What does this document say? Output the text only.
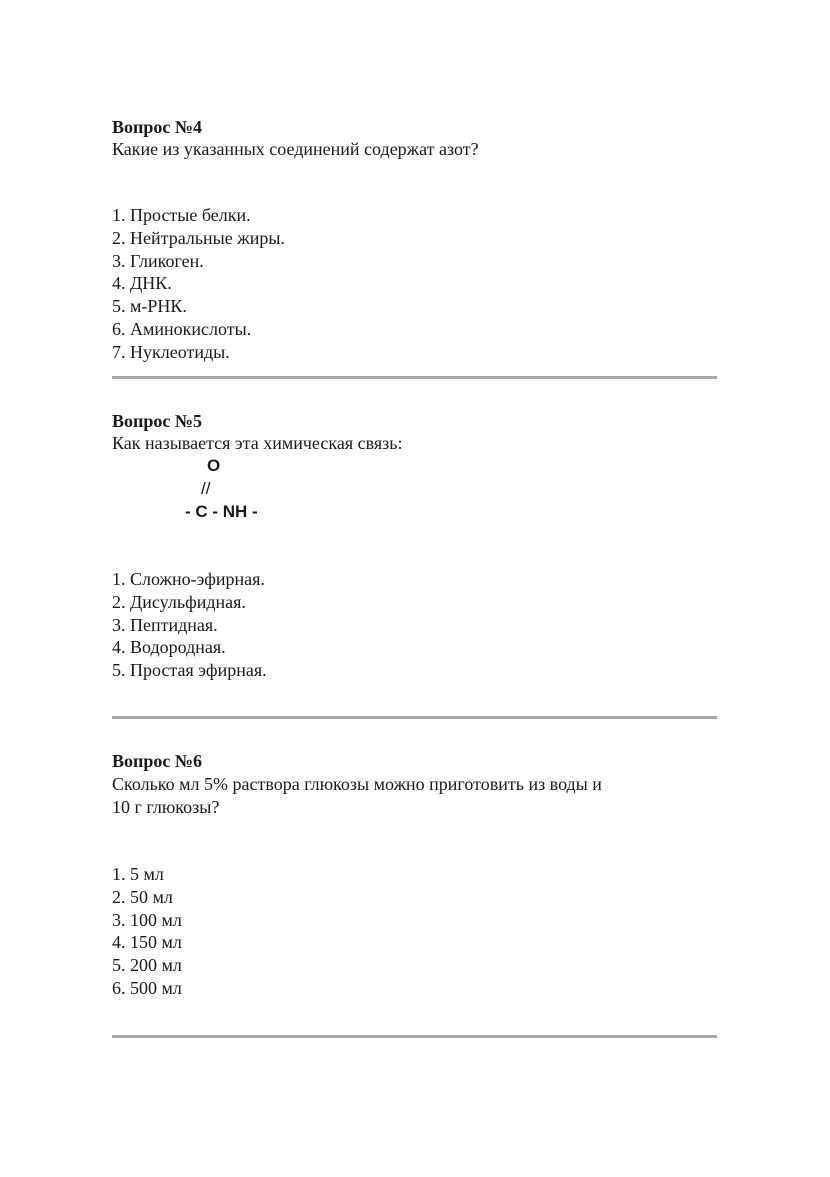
Вопрос №4

Какие из указанных соединений содержат азот?

1. Простые белки.
2. Нейтральные жиры.
3. Гликоген.
4. ДНК.
5. м-РНК.
6. Аминокислоты.
7. Нуклеотиды.

Вопрос №5

Как называется эта химическая связь:

O
//
- C - NH -
1. Сложно-эфирная.
2. Дисульфидная.
3. Пептидная.
4. Водородная.
5. Простая эфирная.

Вопрос №6

Сколько мл 5% раствора глюкозы можно приготовить из воды и

10 г глюкозы?

1. 5 мл
2. 50 мл
3. 100 мл
4. 150 мл
5. 200 мл
6. 500 мл
